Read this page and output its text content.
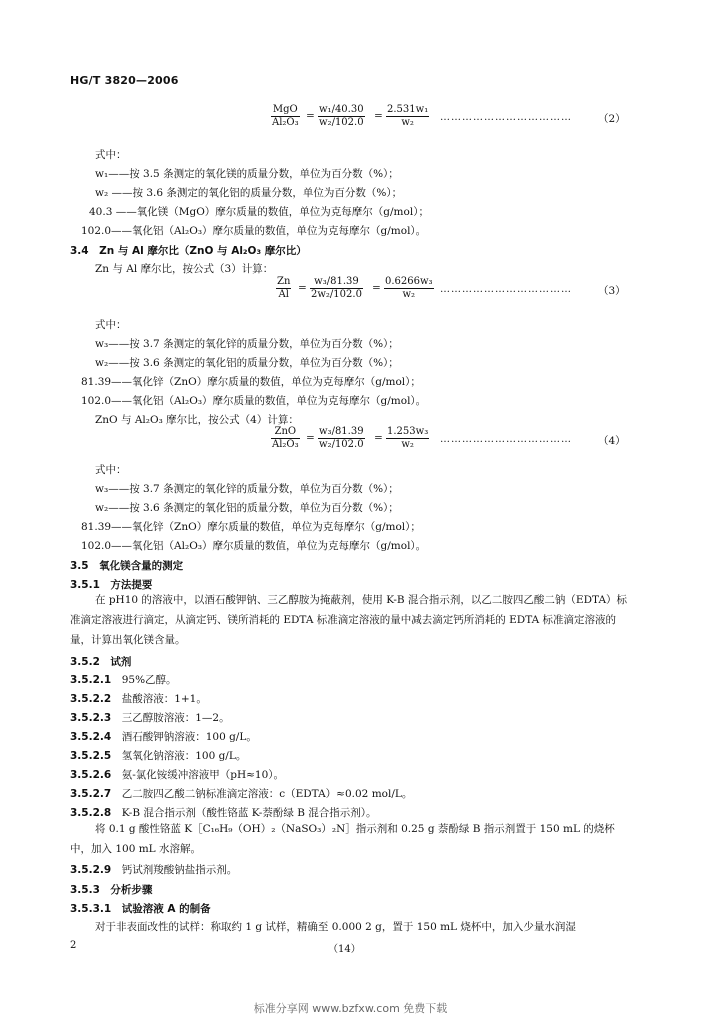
HG/T 3820—2006
MgO
Al₂O₃
= $\frac{\text{w₁/40.30}}{\text{w₂/102.0}} = \frac{\text{2.531w₁}}{\text{w₂}}$ ……………………………… （2）
式中：
w₁——按 3.5 条测定的氧化镁的质量分数，单位为百分数（%）；
w₂ ——按 3.6 条测定的氧化铝的质量分数，单位为百分数（%）；
40.3 ——氧化镁（MgO）摩尔质量的数值，单位为克每摩尔（g/mol）；
102.0——氧化铝（Al₂O₃）摩尔质量的数值，单位为克每摩尔（g/mol）。
3.4　Zn 与 Al 摩尔比（ZnO 与 Al₂O₃ 摩尔比）
Zn 与 Al 摩尔比，按公式（3）计算：
$\frac{Zn}{Al} = \frac{\text{w₃/81.39}}{\text{2w₂/102.0}} = \frac{\text{0.6266w₃}}{\text{w₂}}$ ……………………………… （3）
式中：
w₃——按 3.7 条测定的氧化锌的质量分数，单位为百分数（%）；
w₂——按 3.6 条测定的氧化铝的质量分数，单位为百分数（%）；
81.39——氧化锌（ZnO）摩尔质量的数值，单位为克每摩尔（g/mol）；
102.0——氧化铝（Al₂O₃）摩尔质量的数值，单位为克每摩尔（g/mol）。
ZnO 与 Al₂O₃ 摩尔比，按公式（4）计算：
ZnO
Al₂O₃
= $\frac{\text{w₃/81.39}}{\text{w₂/102.0}} = \frac{\text{1.253w₃}}{\text{w₂}}$ ……………………………… （4）
式中：
w₃——按 3.7 条测定的氧化锌的质量分数，单位为百分数（%）；
w₂——按 3.6 条测定的氧化铝的质量分数，单位为百分数（%）；
81.39——氧化锌（ZnO）摩尔质量的数值，单位为克每摩尔（g/mol）；
102.0——氧化铝（Al₂O₃）摩尔质量的数值，单位为克每摩尔（g/mol）。
3.5　氧化镁含量的测定
3.5.1　方法提要
在 pH10 的溶液中，以酒石酸钾钠、三乙醇胺为掩蔽剂，使用 K-B 混合指示剂，以乙二胺四乙酸二钠（EDTA）标准滴定溶液进行滴定，从滴定钙、镁所消耗的 EDTA 标准滴定溶液的量中减去滴定钙所消耗的 EDTA 标准滴定溶液的量，计算出氧化镁含量。
3.5.2　试剂
3.5.2.1　 95%乙醇。
3.5.2.2　 盐酸溶液：1+1。
3.5.2.3　 三乙醇胺溶液：1—2。
3.5.2.4　 酒石酸钾钠溶液：100 g/L。
3.5.2.5　 氢氧化钠溶液：100 g/L。
3.5.2.6　 氨-氯化铵缓冲溶液甲（pH≈10）。
3.5.2.7　 乙二胺四乙酸二钠标准滴定溶液：c（EDTA）≈0.02 mol/L。
3.5.2.8　 K-B 混合指示剂（酸性铬蓝 K-萘酚绿 B 混合指示剂）。
将 0.1 g 酸性铬蓝 K［C₁₆H₉（OH）₂（NaSO₃）₂N］指示剂和 0.25 g 萘酚绿 B 指示剂置于 150 mL 的烧杯中，加入 100 mL 水溶解。
3.5.2.9　 钙试剂羧酸钠盐指示剂。
3.5.3　分析步骤
3.5.3.1　试验溶液 A 的制备
对于非表面改性的试样：称取约 1 g 试样，精确至 0.000 2 g，置于 150 mL 烧杯中，加入少量水润湿
2	（14）
标准分享网 www.bzfxw.com 免费下载
